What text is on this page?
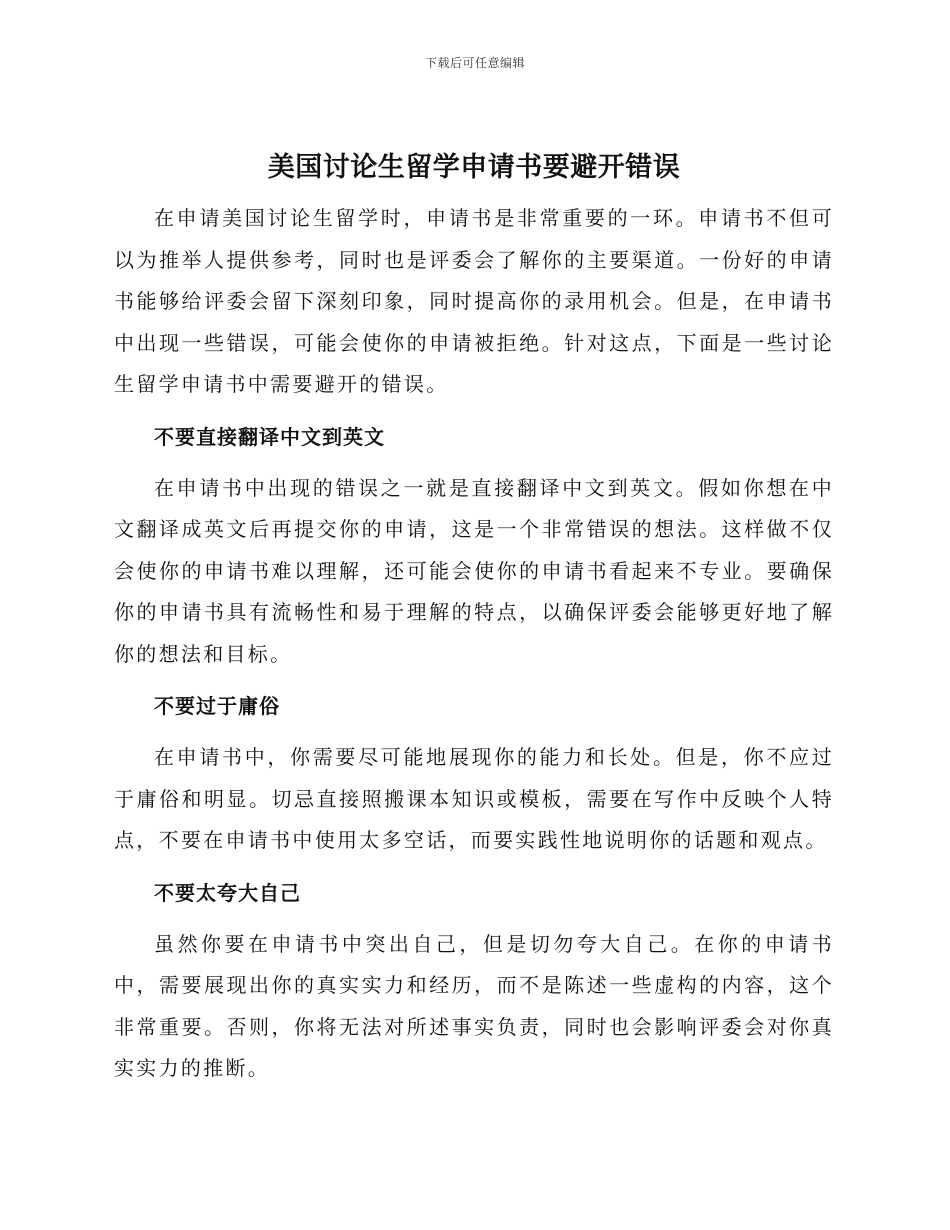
下载后可任意编辑
美国讨论生留学申请书要避开错误

在申请美国讨论生留学时，申请书是非常重要的一环。申请书不但可以为推举人提供参考，同时也是评委会了解你的主要渠道。一份好的申请书能够给评委会留下深刻印象，同时提高你的录用机会。但是，在申请书中出现一些错误，可能会使你的申请被拒绝。针对这点，下面是一些讨论生留学申请书中需要避开的错误。

不要直接翻译中文到英文

在申请书中出现的错误之一就是直接翻译中文到英文。假如你想在中文翻译成英文后再提交你的申请，这是一个非常错误的想法。这样做不仅会使你的申请书难以理解，还可能会使你的申请书看起来不专业。要确保你的申请书具有流畅性和易于理解的特点，以确保评委会能够更好地了解你的想法和目标。

不要过于庸俗

在申请书中，你需要尽可能地展现你的能力和长处。但是，你不应过于庸俗和明显。切忌直接照搬课本知识或模板，需要在写作中反映个人特点，不要在申请书中使用太多空话，而要实践性地说明你的话题和观点。

不要太夸大自己

虽然你要在申请书中突出自己，但是切勿夸大自己。在你的申请书中，需要展现出你的真实实力和经历，而不是陈述一些虚构的内容，这个非常重要。否则，你将无法对所述事实负责，同时也会影响评委会对你真实实力的推断。
